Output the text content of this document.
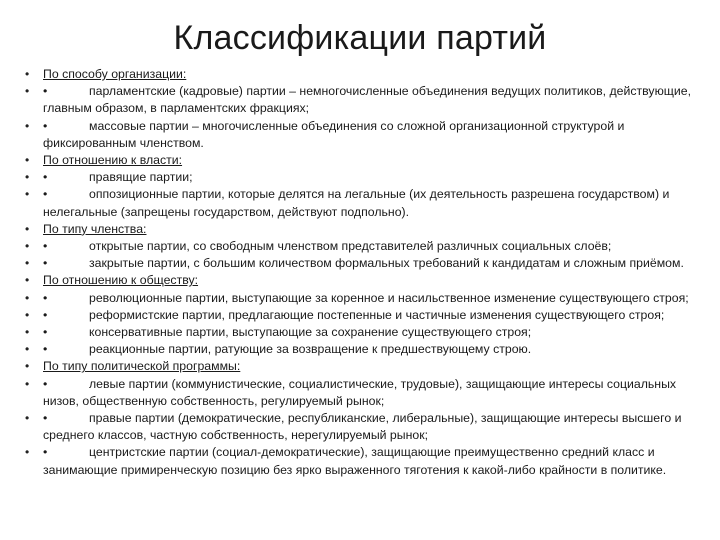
Классификации партий
•	По способу организации:
•	•	парламентские (кадровые) партии – немногочисленные объединения ведущих политиков, действующие, главным образом, в парламентских фракциях;
•	•	массовые партии – многочисленные объединения со сложной организационной структурой и фиксированным членством.
•	По отношению к власти:
•	•	правящие партии;
•	•	оппозиционные партии, которые делятся на легальные (их деятельность разрешена государством) и нелегальные (запрещены государством, действуют подпольно).
•	По типу членства:
•	•	открытые партии, со свободным членством представителей различных социальных слоёв;
•	•	закрытые партии, с большим количеством формальных требований к кандидатам и сложным приёмом.
•	По отношению к обществу:
•	•	революционные партии, выступающие за коренное и насильственное изменение существующего строя;
•	•	реформистские партии, предлагающие постепенные и частичные изменения существующего строя;
•	•	консервативные партии, выступающие за сохранение существующего строя;
•	•	реакционные партии, ратующие за возвращение к предшествующему строю.
•	По типу политической программы:
•	•	левые партии (коммунистические, социалистические, трудовые), защищающие интересы социальных низов, общественную собственность, регулируемый рынок;
•	•	правые партии (демократические, республиканские, либеральные), защищающие интересы высшего и среднего классов, частную собственность, нерегулируемый рынок;
•	•	центристские партии (социал-демократические), защищающие преимущественно средний класс и занимающие примиренческую позицию без ярко выраженного тяготения к какой-либо крайности в политике.
